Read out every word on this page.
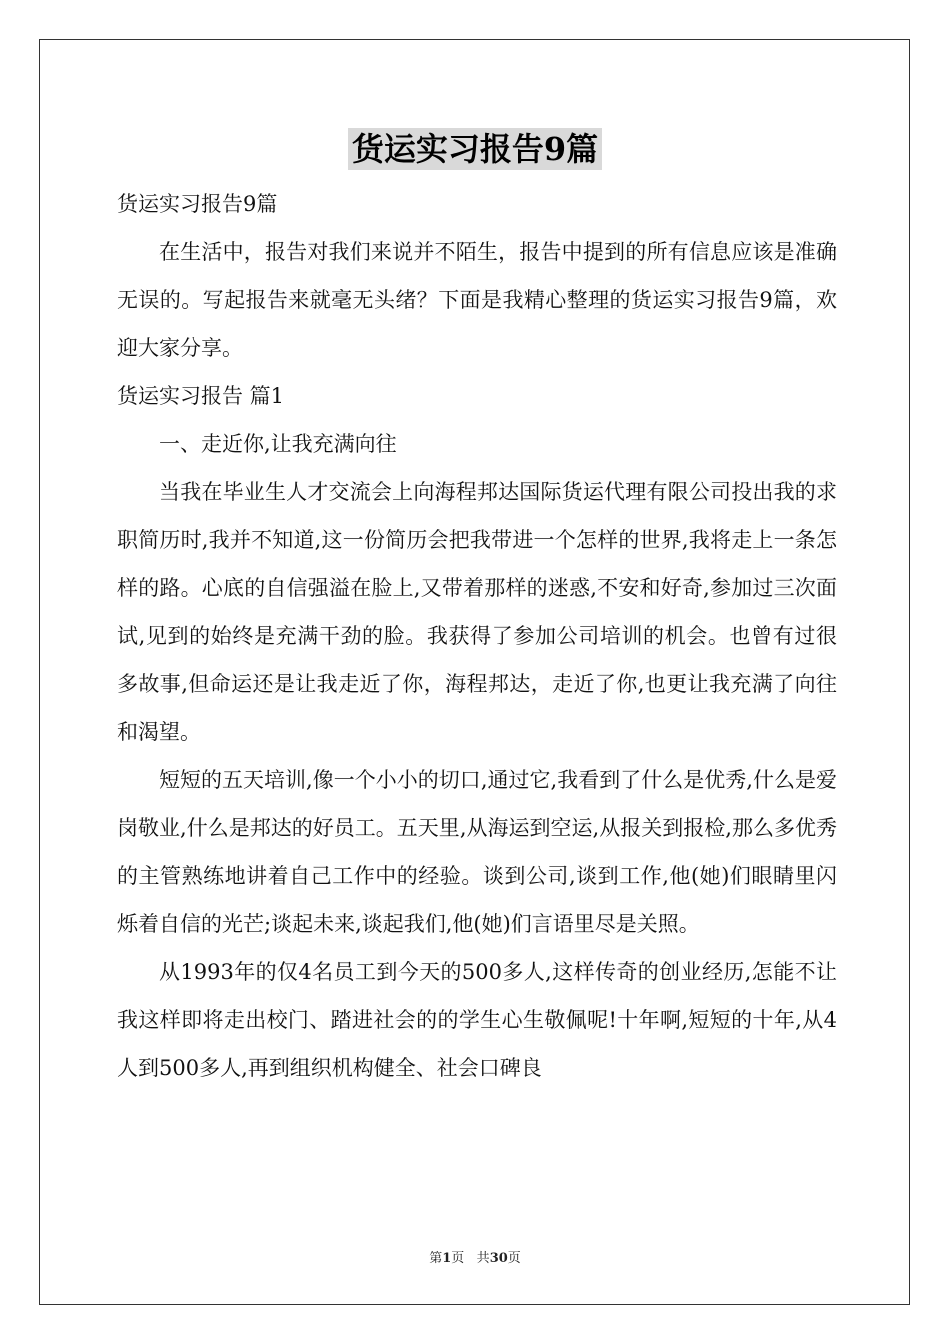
货运实习报告9篇

货运实习报告9篇

在生活中，报告对我们来说并不陌生，报告中提到的所有信息应该是准确无误的。写起报告来就毫无头绪？下面是我精心整理的货运实习报告9篇，欢迎大家分享。

货运实习报告 篇1

一、走近你,让我充满向往

当我在毕业生人才交流会上向海程邦达国际货运代理有限公司投出我的求职简历时,我并不知道,这一份简历会把我带进一个怎样的世界,我将走上一条怎样的路。心底的自信强溢在脸上,又带着那样的迷惑,不安和好奇,参加过三次面试,见到的始终是充满干劲的脸。我获得了参加公司培训的机会。也曾有过很多故事,但命运还是让我走近了你，海程邦达，走近了你,也更让我充满了向往和渴望。

短短的五天培训,像一个小小的切口,通过它,我看到了什么是优秀,什么是爱岗敬业,什么是邦达的好员工。五天里,从海运到空运,从报关到报检,那么多优秀的主管熟练地讲着自己工作中的经验。谈到公司,谈到工作,他(她)们眼睛里闪烁着自信的光芒;谈起未来,谈起我们,他(她)们言语里尽是关照。

从1993年的仅4名员工到今天的500多人,这样传奇的创业经历,怎能不让我这样即将走出校门、踏进社会的的学生心生敬佩呢!十年啊,短短的十年,从4人到500多人,再到组织机构健全、社会口碑良

第1页 共30页
